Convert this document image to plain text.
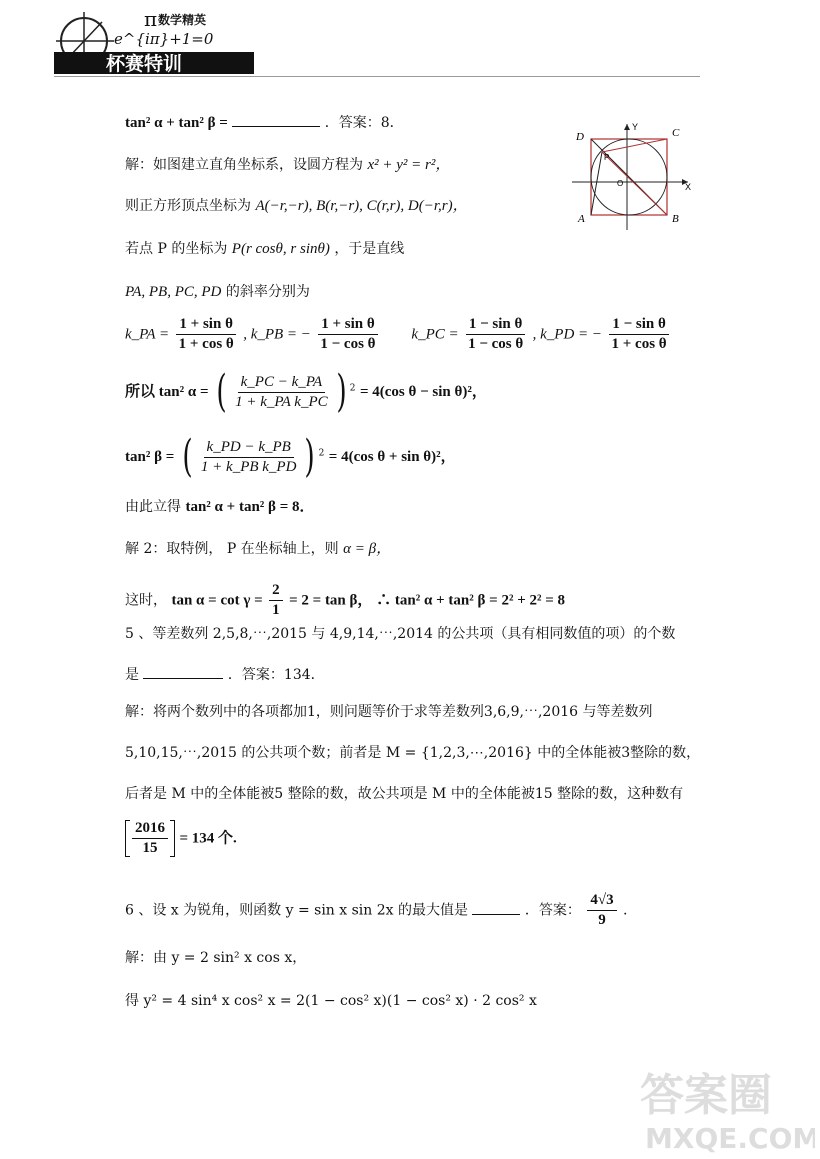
杯赛特训
π 数学精英
e^{iπ}+1=0
tan² α + tan² β =	．答案：8．
D	C
A	B
P
O	X
Y
解：如图建立直角坐标系，设圆方程为 x² + y² = r²，
则正方形顶点坐标为 A(−r,−r), B(r,−r), C(r,r), D(−r,r)，
若点 P 的坐标为 P(r cosθ, r sinθ) ，于是直线
PA, PB, PC, PD 的斜率分别为
k_PA = $\frac{\text{1 + sin θ}}{\text{1 + cos θ}}$ , k_PB = − $\frac{\text{1 + sin θ}}{\text{1 − cos θ}}$ k_PC = $\frac{\text{1 − sin θ}}{\text{1 − cos θ}}$ , k_PD = − $\frac{\text{1 − sin θ}}{\text{1 + cos θ}}$
所以 tan² α = ( $\frac{k\_PC - k\_PA}{\text{1 + k\_PA k\_PC}}$ ) $^2$ = 4(cos θ − sin θ)²，
tan² β = ( $\frac{k\_PD - k\_PB}{\text{1 + k\_PB k\_PD}}$ ) $^2$ = 4(cos θ + sin θ)²，
由此立得 tan² α + tan² β = 8．
解 2：取特例， P 在坐标轴上，则 α = β，
这时， $\tan \alpha = \cot \gamma = \frac{2}{1} = 2 = \tan \beta$， ∴ tan² α + tan² β = 2² + 2² = 8
5 、等差数列 2,5,8,⋯,2015 与 4,9,14,⋯,2014 的公共项（具有相同数值的项）的个数
是	．答案：134．
解：将两个数列中的各项都加1，则问题等价于求等差数列3,6,9,⋯,2016 与等差数列
5,10,15,⋯,2015 的公共项个数；前者是 M = {1,2,3,⋯,2016} 中的全体能被3整除的数，
后者是 M 中的全体能被5 整除的数，故公共项是 M 中的全体能被15 整除的数，这种数有
$\frac{2016}{15} = 134$ 个.
6 、设 x 为锐角，则函数 y = sin x sin 2x 的最大值是	．答案： $\frac{4√3}{9}$ .
解：由 y = 2 sin² x cos x，
得 y² = 4 sin⁴ x cos² x = 2(1 − cos² x)(1 − cos² x) · 2 cos² x
答案圈
MXQE.COM
